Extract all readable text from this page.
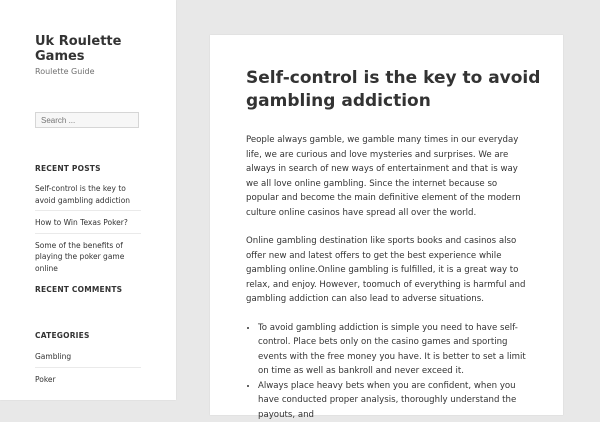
Uk Roulette Games
Roulette Guide
Search ...
RECENT POSTS
Self-control is the key to avoid gambling addiction
How to Win Texas Poker?
Some of the benefits of playing the poker game online
RECENT COMMENTS
CATEGORIES
Gambling
Poker
Self-control is the key to avoid gambling addiction

People always gamble, we gamble many times in our everyday life, we are curious and love mysteries and surprises. We are always in search of new ways of entertainment and that is way we all love online gambling. Since the internet because so popular and become the main definitive element of the modern culture online casinos have spread all over the world.

Online gambling destination like sports books and casinos also offer new and latest offers to get the best experience while gambling online.Online gambling is fulfilled, it is a great way to relax, and enjoy. However, toomuch of everything is harmful and gambling addiction can also lead to adverse situations.

• To avoid gambling addiction is simple you need to have self-control. Place bets only on the casino games and sporting events with the free money you have. It is better to set a limit on time as well as bankroll and never exceed it.
• Always place heavy bets when you are confident, when you have conducted proper analysis, thoroughly understand the payouts, and
